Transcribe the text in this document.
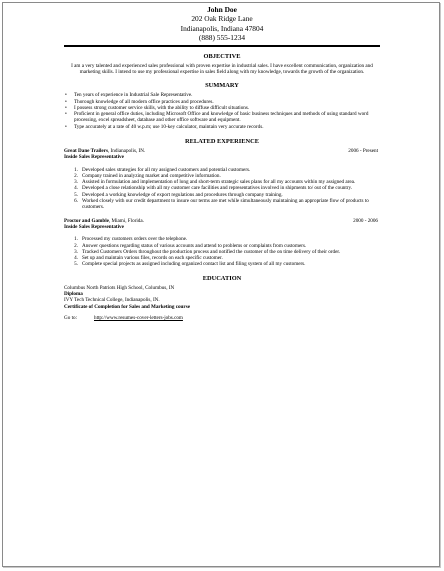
John Doe
202 Oak Ridge Lane
Indianapolis, Indiana 47804
(888) 555-1234
OBJECTIVE
I am a very talented and experienced sales professional with proven expertise in industrial sales. I have excellent communication, organization and marketing skills. I intend to use my professional expertise in sales field along with my knowledge, towards the growth of the organization.
SUMMARY
• Ten years of experience in Industrial Sale Representative.
• Thorough knowledge of all modern office practices and procedures.
• I possess strong customer service skills, with the ability to diffuse difficult situations.
• Proficient in general office duties, including Microsoft Office and knowledge of basic business techniques and methods of using standard word processing, excel spreadsheet, database and other office software and equipment.
• Type accurately at a rate of 40 w.p.m; use 10-key calculator, maintain very accurate records.
RELATED EXPERIENCE
Great Dane Trailers, Indianapolis, IN.	2006 - Present
Inside Sales Representative
1. Developed sales strategies for all my assigned customers and potential customers.
2. Company trained in analyzing market and competitive information.
3. Assisted in formulation and implementation of long and short-term strategic sales plans for all my accounts within my assigned area.
4. Developed a close relationship with all my customer care facilities and representatives involved in shipments to/ out of the country.
5. Developed a working knowledge of export regulations and procedures through company training.
6. Worked closely with our credit department to insure our terms are met while simultaneously maintaining an appropriate flow of products to customers.
Proctor and Gamble, Miami, Florida.	2000 - 2006
Inside Sales Representative
1. Processed my customers orders over the telephone.
2. Answer questions regarding status of various accounts and attend to problems or complaints from customers.
3. Tracked Customers Orders throughout the production process and notified the customer of the on time delivery of their order.
4. Set up and maintain various files, records on each specific customer.
5. Complete special projects as assigned including organized contact list and filing system of all my customers.
EDUCATION
Columbus North Patriots High School, Columbus, IN
Diploma
IVY Tech Technical College, Indianapolis, IN.
Certificate of Completion for Sales and Marketing course
Go to:	http://www.resumes-cover-letters-jobs.com
